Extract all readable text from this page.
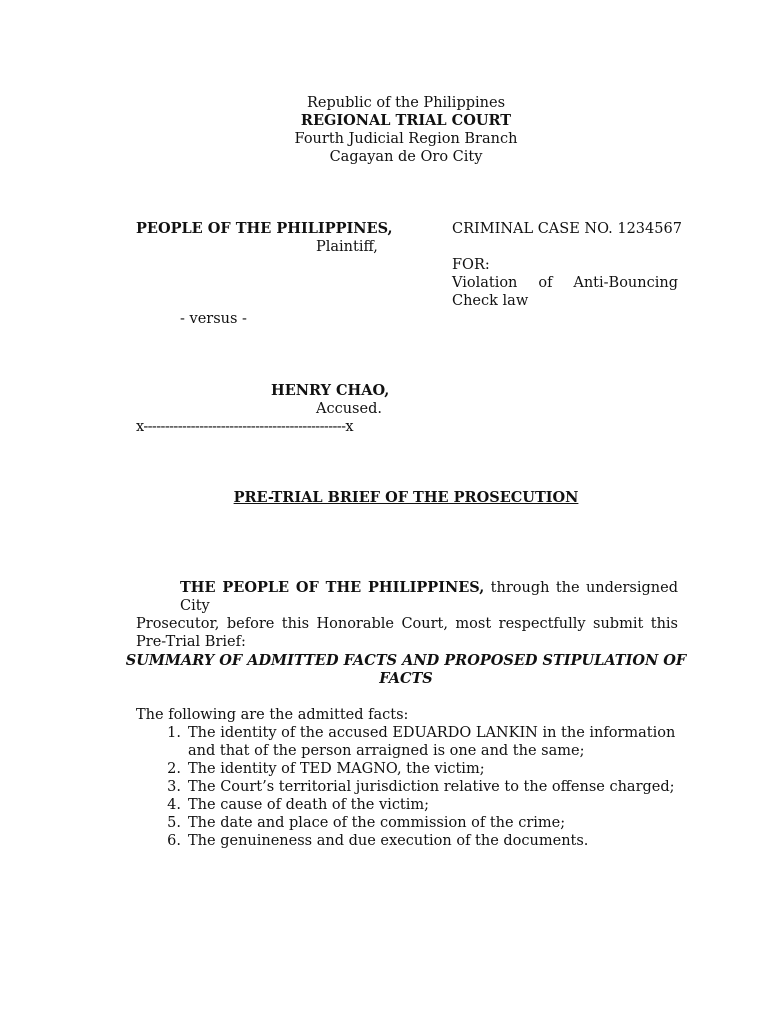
Republic of the Philippines
REGIONAL TRIAL COURT
Fourth Judicial Region Branch
Cagayan de Oro City
PEOPLE OF THE PHILIPPINES,
Plaintiff,
- versus -
HENRY CHAO,
Accused.
x-----------------------------------------------x
CRIMINAL CASE NO. 1234567
FOR:
Violation of Anti-Bouncing
Check law
PRE-TRIAL BRIEF OF THE PROSECUTION
THE PEOPLE OF THE PHILIPPINES, through the undersigned City
Prosecutor, before this Honorable Court, most respectfully submit this
Pre-Trial Brief:
SUMMARY OF ADMITTED FACTS AND PROPOSED STIPULATION OF
FACTS
The following are the admitted facts:
1. The identity of the accused EDUARDO LANKIN in the information
and that of the person arraigned is one and the same;
2. The identity of TED MAGNO, the victim;
3. The Court’s territorial jurisdiction relative to the offense charged;
4. The cause of death of the victim;
5. The date and place of the commission of the crime;
6. The genuineness and due execution of the documents.
